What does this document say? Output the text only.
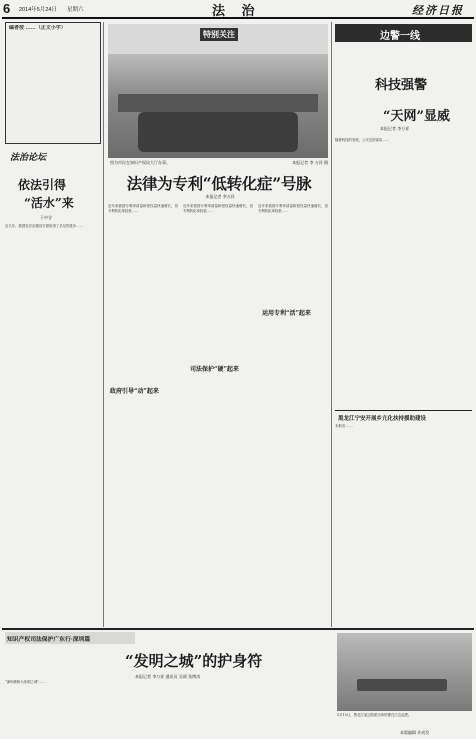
6 2014年5月24日 星期六	法 治	经济日报
编者按 ……（正文小字）
特别关注
图为市民在知识产权局大厅办事。	本报记者 李 万祥 摄
法治论坛
依法引得
“活水”来
于中谷
近几年，我国在法治建设方面取得了长足的进步……
法律为专利“低转化症”号脉
本报记者 李万祥
近年来我国专利申请量和授权量快速增长，但专利转化率较低……
近年来我国专利申请量和授权量快速增长，但专利转化率较低……
近年来我国专利申请量和授权量快速增长，但专利转化率较低……
政府引导“动”起来
司法保护“硬”起来
运用专利“活”起来
边警一线
科技强警
“天网”显威
本报记者 李万祥
随着科技的发展，公安边防部队……
黑龙江宁安开展乡亢化扶持援助建设
本报讯 ……
知识产权司法保护广东行·深圳篇
“发明之城”的护身符
本报记者 李万祥 通讯员 吴靖 张博涛
“深圳被称为发明之城”……
5月15日，黑龙江某边防派出所民警在江边巡逻。
本版编辑 许成发
